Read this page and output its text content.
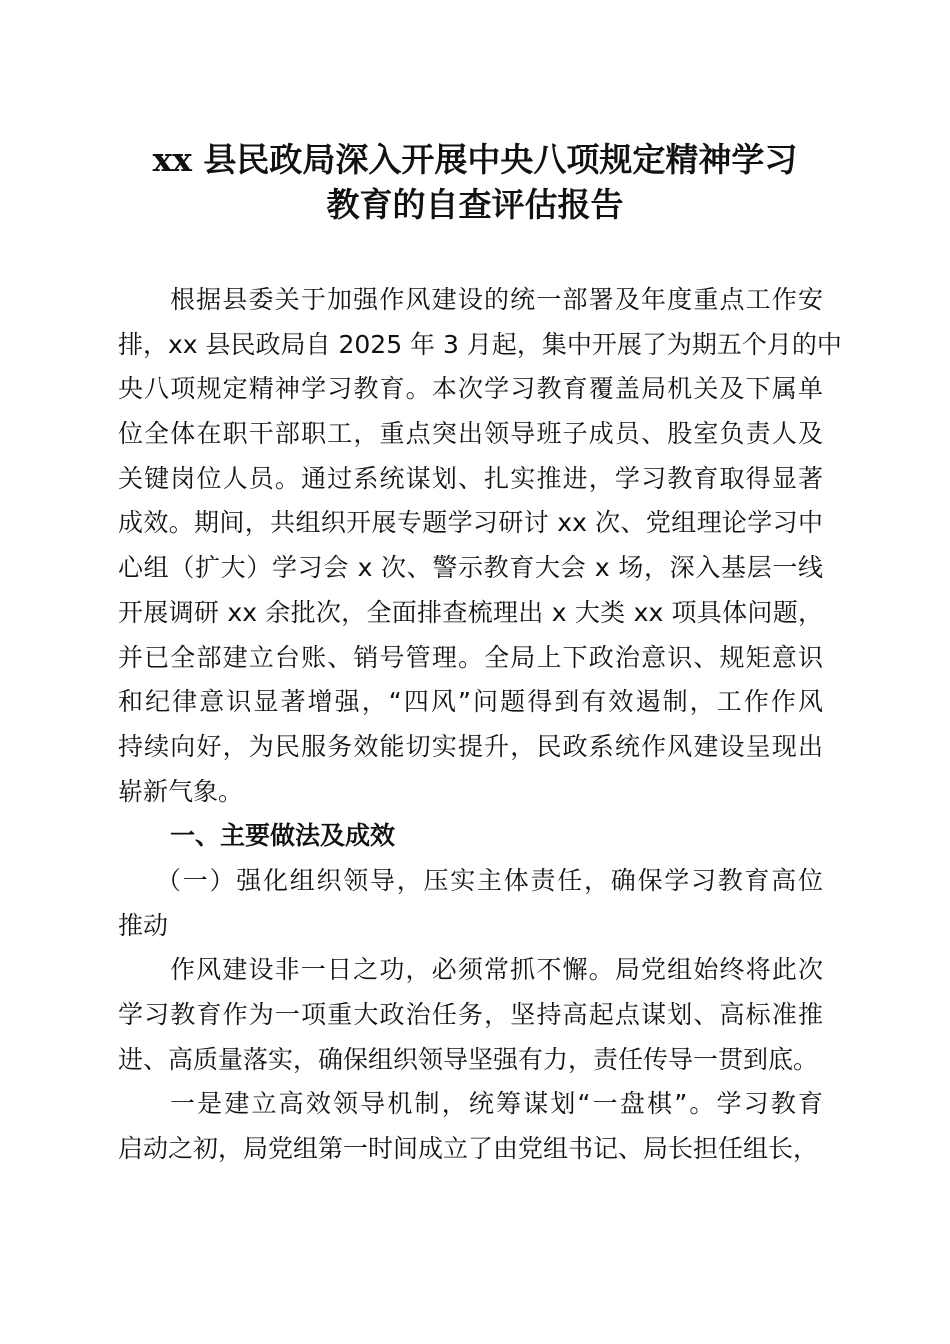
xx 县民政局深入开展中央八项规定精神学习
教育的自查评估报告
根据县委关于加强作风建设的统一部署及年度重点工作安
排，xx 县民政局自 2025 年 3 月起，集中开展了为期五个月的中
央八项规定精神学习教育。本次学习教育覆盖局机关及下属单
位全体在职干部职工，重点突出领导班子成员、股室负责人及
关键岗位人员。通过系统谋划、扎实推进，学习教育取得显著
成效。期间，共组织开展专题学习研讨 xx 次、党组理论学习中
心组（扩大）学习会 x 次、警示教育大会 x 场，深入基层一线
开展调研 xx 余批次，全面排查梳理出 x 大类 xx 项具体问题，
并已全部建立台账、销号管理。全局上下政治意识、规矩意识
和纪律意识显著增强，“四风”问题得到有效遏制，工作作风
持续向好，为民服务效能切实提升，民政系统作风建设呈现出
崭新气象。
一、主要做法及成效
（一）强化组织领导，压实主体责任，确保学习教育高位
推动
作风建设非一日之功，必须常抓不懈。局党组始终将此次
学习教育作为一项重大政治任务，坚持高起点谋划、高标准推
进、高质量落实，确保组织领导坚强有力，责任传导一贯到底。
一是建立高效领导机制，统筹谋划“一盘棋”。学习教育
启动之初，局党组第一时间成立了由党组书记、局长担任组长，
